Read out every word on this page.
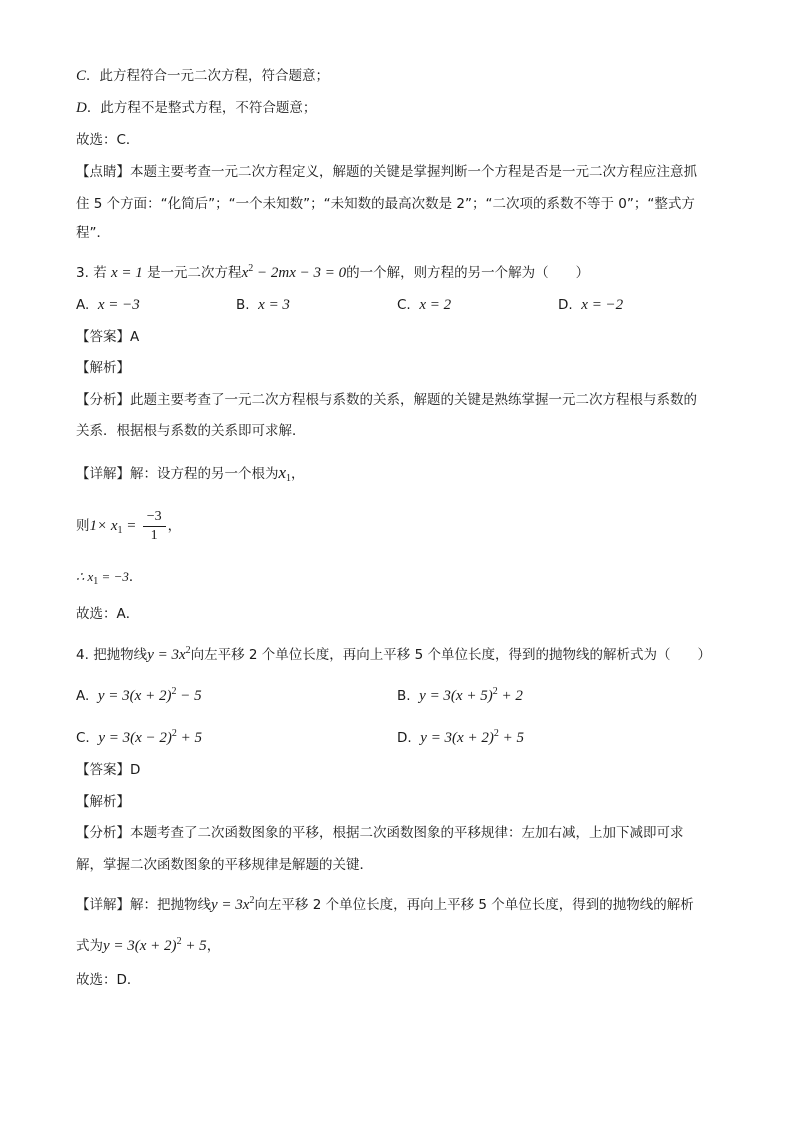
C．此方程符合一元二次方程，符合题意；
D．此方程不是整式方程，不符合题意；
故选：C．
【点睛】本题主要考查一元二次方程定义，解题的关键是掌握判断一个方程是否是一元二次方程应注意抓
住 5 个方面：“化简后”；“一个未知数”；“未知数的最高次数是 2”；“二次项的系数不等于 0”；“整式方
程”．
3. 若 x = 1 是一元二次方程$x^2 - 2mx - 3 = 0$的一个解，则方程的另一个解为（　　）
A. x = −3	B. x = 3	C. x = 2	D. x = −2
【答案】A
【解析】
【分析】此题主要考查了一元二次方程根与系数的关系，解题的关键是熟练掌握一元二次方程根与系数的
关系．根据根与系数的关系即可求解．
【详解】解：设方程的另一个根为$x_1$，
则$1\times x_1 = \frac{-3}{1}$ ，
∴ $x_1 = -3$．
故选：A．
4. 把抛物线$y = 3x^2$向左平移 2 个单位长度，再向上平移 5 个单位长度，得到的抛物线的解析式为（　　）
A. $y = 3(x + 2)^2 - 5$	B. $y = 3(x + 5)^2 + 2$
C. $y = 3(x - 2)^2 + 5$	D. $y = 3(x + 2)^2 + 5$
【答案】D
【解析】
【分析】本题考查了二次函数图象的平移，根据二次函数图象的平移规律：左加右减，上加下减即可求
解，掌握二次函数图象的平移规律是解题的关键．
【详解】解：把抛物线$y = 3x^2$向左平移 2 个单位长度，再向上平移 5 个单位长度，得到的抛物线的解析
式为$y = 3(x + 2)^2 + 5$，
故选：D．
